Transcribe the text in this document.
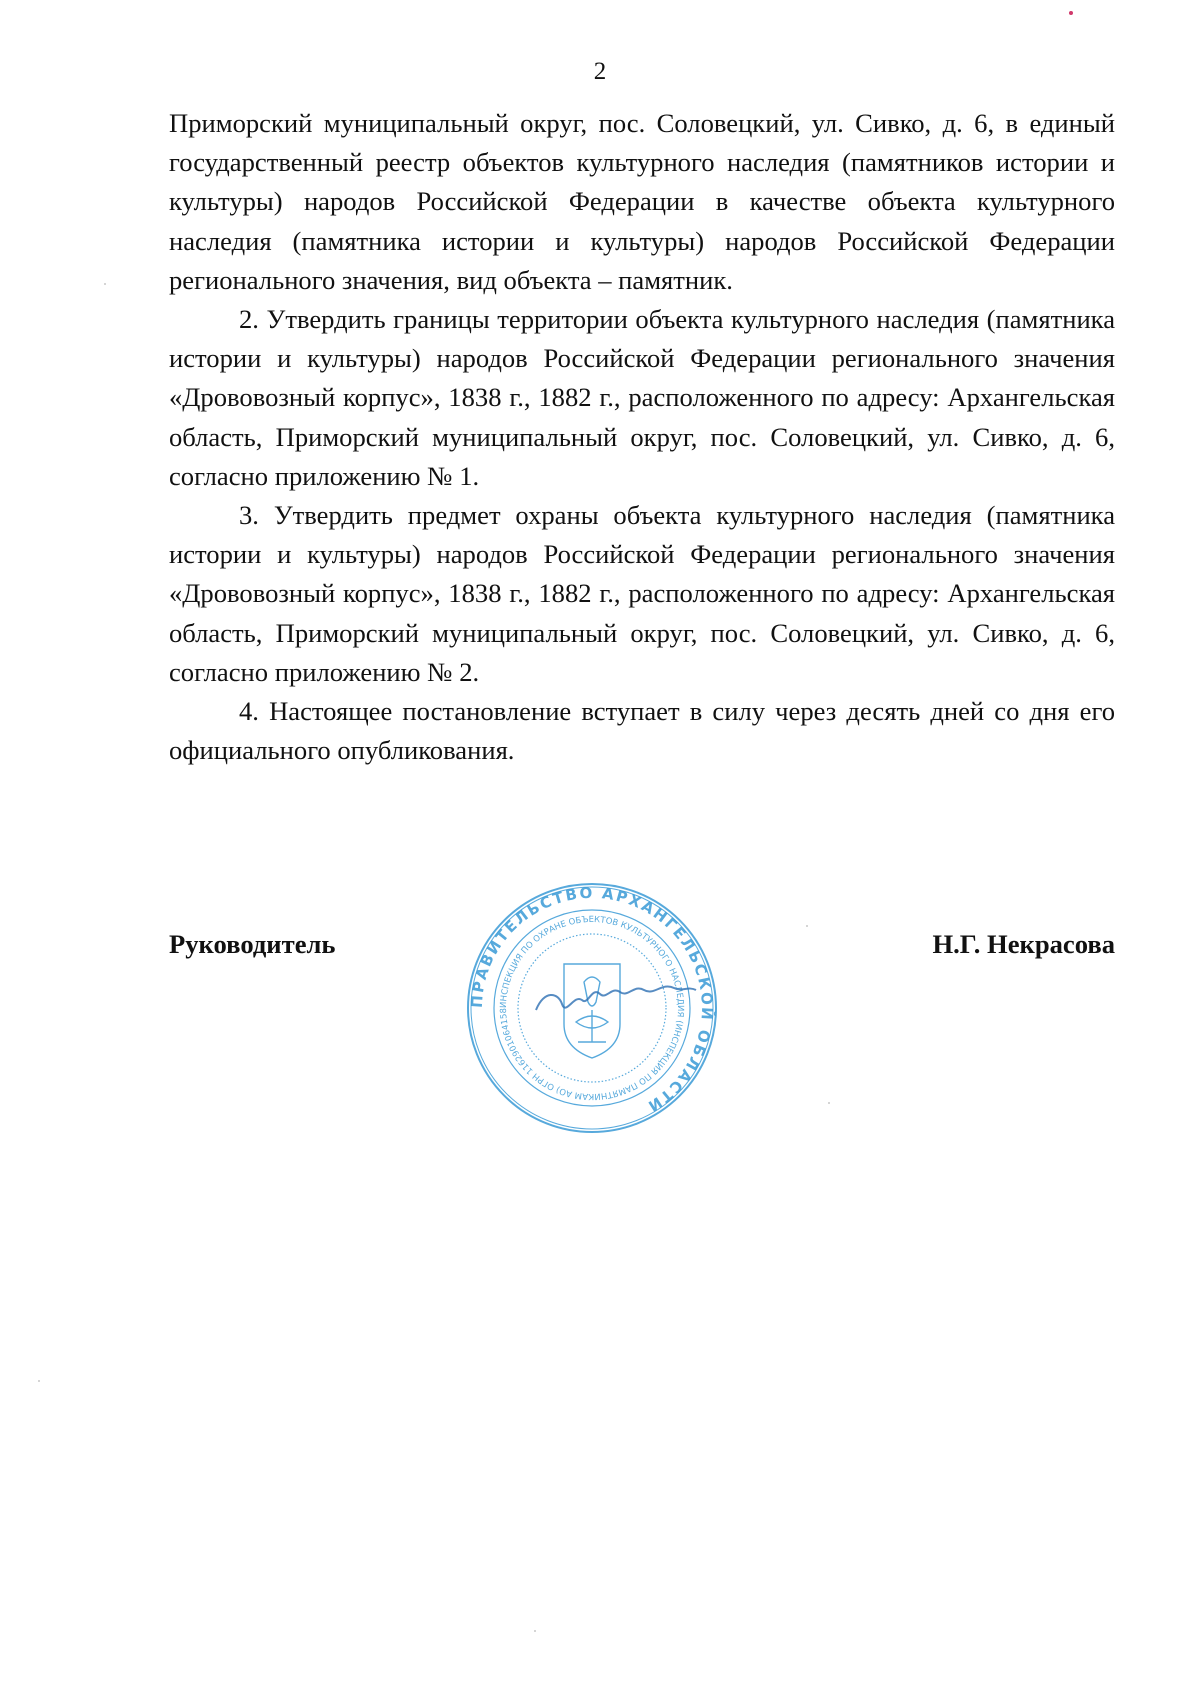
2

Приморский муниципальный округ, пос. Соловецкий, ул. Сивко, д. 6, в единый государственный реестр объектов культурного наследия (памятников истории и культуры) народов Российской Федерации в качестве объекта культурного наследия (памятника истории и культуры) народов Российской Федерации регионального значения, вид объекта – памятник.

2. Утвердить границы территории объекта культурного наследия (памятника истории и культуры) народов Российской Федерации регионального значения «Дрововозный корпус», 1838 г., 1882 г., расположенного по адресу: Архангельская область, Приморский муниципальный округ, пос. Соловецкий, ул. Сивко, д. 6, согласно приложению № 1.

3. Утвердить предмет охраны объекта культурного наследия (памятника истории и культуры) народов Российской Федерации регионального значения «Дрововозный корпус», 1838 г., 1882 г., расположенного по адресу: Архангельская область, Приморский муниципальный округ, пос. Соловецкий, ул. Сивко, д. 6, согласно приложению № 2.

4. Настоящее постановление вступает в силу через десять дней со дня его официального опубликования.

Руководитель	Н.Г. Некрасова
ПРАВИТЕЛЬСТВО АРХАНГЕЛЬСКОЙ ОБЛАСТИ
ИНСПЕКЦИЯ ПО ОХРАНЕ ОБЪЕКТОВ КУЛЬТУРНОГО НАСЛЕДИЯ (ИНСПЕКЦИЯ ПО ПАМЯТНИКАМ АО) ОГРН 1162901064158
